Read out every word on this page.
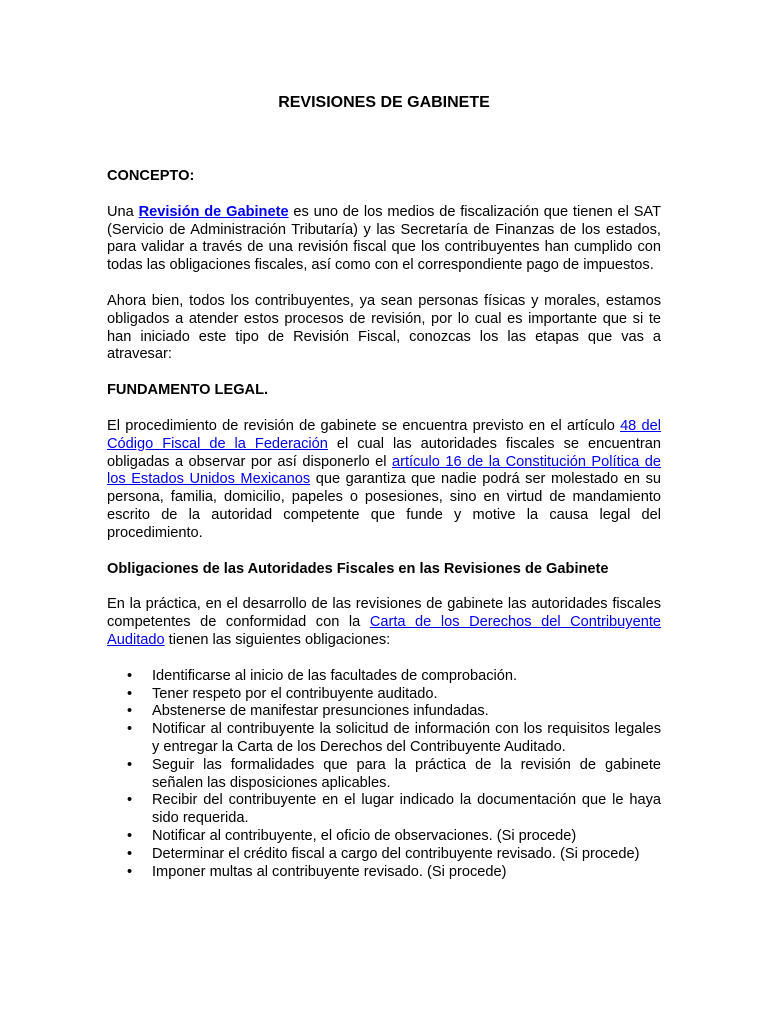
REVISIONES DE GABINETE
CONCEPTO:

Una Revisión de Gabinete es uno de los medios de fiscalización que tienen el SAT (Servicio de Administración Tributaría) y las Secretaría de Finanzas de los estados, para validar a través de una revisión fiscal que los contribuyentes han cumplido con todas las obligaciones fiscales, así como con el correspondiente pago de impuestos.

Ahora bien, todos los contribuyentes, ya sean personas físicas y morales, estamos obligados a atender estos procesos de revisión, por lo cual es importante que si te han iniciado este tipo de Revisión Fiscal, conozcas los las etapas que vas a atravesar:

FUNDAMENTO LEGAL.

El procedimiento de revisión de gabinete se encuentra previsto en el artículo 48 del Código Fiscal de la Federación el cual las autoridades fiscales se encuentran obligadas a observar por así disponerlo el artículo 16 de la Constitución Política de los Estados Unidos Mexicanos que garantiza que nadie podrá ser molestado en su persona, familia, domicilio, papeles o posesiones, sino en virtud de mandamiento escrito de la autoridad competente que funde y motive la causa legal del procedimiento.

Obligaciones de las Autoridades Fiscales en las Revisiones de Gabinete

En la práctica, en el desarrollo de las revisiones de gabinete las autoridades fiscales competentes de conformidad con la Carta de los Derechos del Contribuyente Auditado tienen las siguientes obligaciones:

• Identificarse al inicio de las facultades de comprobación.
• Tener respeto por el contribuyente auditado.
• Abstenerse de manifestar presunciones infundadas.
• Notificar al contribuyente la solicitud de información con los requisitos legales y entregar la Carta de los Derechos del Contribuyente Auditado.
• Seguir las formalidades que para la práctica de la revisión de gabinete señalen las disposiciones aplicables.
• Recibir del contribuyente en el lugar indicado la documentación que le haya sido requerida.
• Notificar al contribuyente, el oficio de observaciones. (Si procede)
• Determinar el crédito fiscal a cargo del contribuyente revisado. (Si procede)
• Imponer multas al contribuyente revisado. (Si procede)
